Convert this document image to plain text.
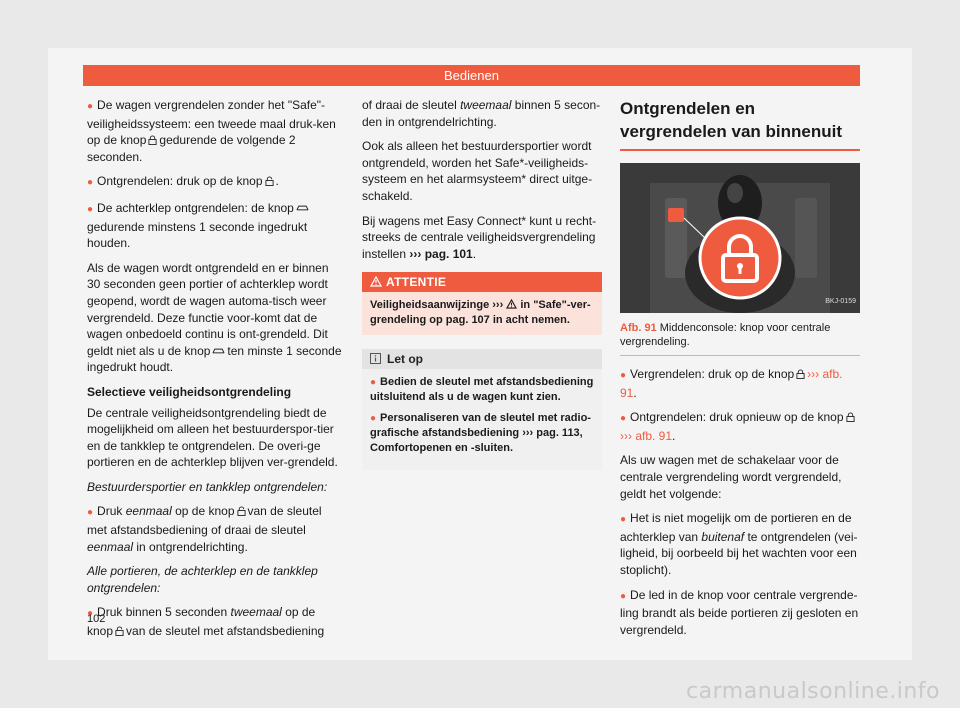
Bedienen

● De wagen vergrendelen zonder het "Safe"-veiligheidssysteem: een tweede maal druk-ken op de knop gedurende de volgende 2 seconden.

● Ontgrendelen: druk op de knop .

● De achterklep ontgrendelen: de knopgedurende minstens 1 seconde ingedrukt houden.

Als de wagen wordt ontgrendeld en er binnen 30 seconden geen portier of achterklep wordt geopend, wordt de wagen automa-tisch weer vergrendeld. Deze functie voor-komt dat de wagen onbedoeld continu is ont-grendeld. Dit geldt niet als u de knop ten minste 1 seconde ingedrukt houdt.

Selectieve veiligheidsontgrendeling

De centrale veiligheidsontgrendeling biedt de mogelijkheid om alleen het bestuurderspor-tier en de tankklep te ontgrendelen. De overi-ge portieren en de achterklep blijven ver-grendeld.

Bestuurdersportier en tankklep ontgrendelen:

● Druk eenmaal op de knop van de sleutel met afstandsbediening of draai de sleutel eenmaal in ontgrendelrichting.

Alle portieren, de achterklep en de tankklep ontgrendelen:

● Druk binnen 5 seconden tweemaal op de knop van de sleutel met afstandsbediening

of draai de sleutel tweemaal binnen 5 secon-den in ontgrendelrichting.

Ook als alleen het bestuurdersportier wordt ontgrendeld, worden het Safe*-veiligheids-systeem en het alarmsysteem* direct uitge-schakeld.

Bij wagens met Easy Connect* kunt u recht-streeks de centrale veiligheidsvergrendeling instellen ››› pag. 101.

ATTENTIE
Veiligheidsaanwijzinge ››› in "Safe"-ver-grendeling op pag. 107 in acht nemen.
Let op

● Bedien de sleutel met afstandsbediening uitsluitend als u de wagen kunt zien.

● Personaliseren van de sleutel met radio-grafische afstandsbediening ››› pag. 113, Comfortopenen en -sluiten.

Ontgrendelen en vergrendelen van binnenuit
BKJ-0159
Afb. 91 Middenconsole: knop voor centrale vergrendeling.

● Vergrendelen: druk op de knop ››› afb. 91.

● Ontgrendelen: druk opnieuw op de knop ››› afb. 91.

Als uw wagen met de schakelaar voor de centrale vergrendeling wordt vergrendeld, geldt het volgende:

● Het is niet mogelijk om de portieren en de achterklep van buitenaf te ontgrendelen (vei-ligheid, bij oorbeeld bij het wachten voor een stoplicht).

● De led in de knop voor centrale vergrende-ling brandt als beide portieren zij gesloten en vergrendeld.

102
carmanualsonline.info
